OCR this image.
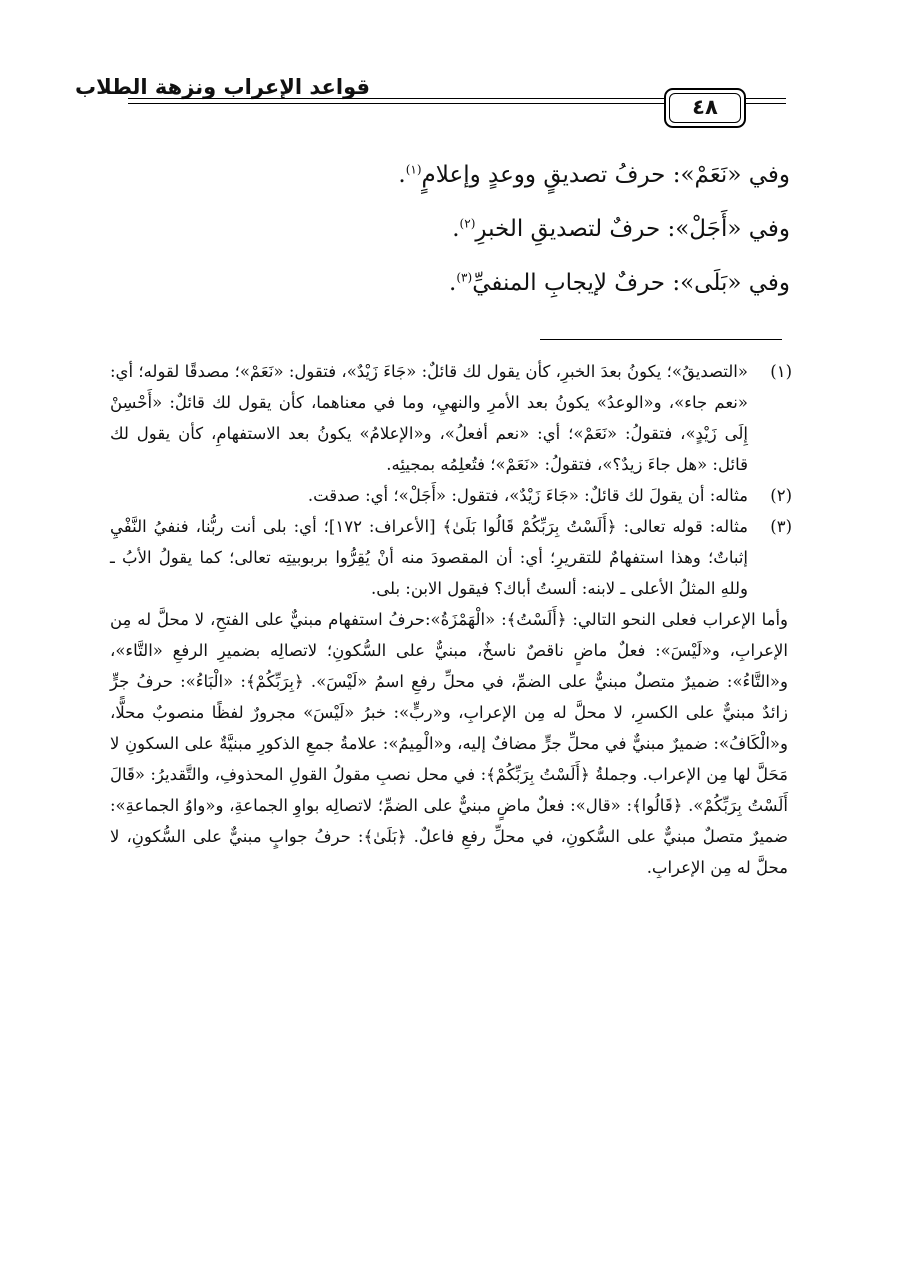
قواعد الإعراب ونزهة الطلاب
٤٨
وفي «نَعَمْ»: حرفُ تصديقٍ ووعدٍ وإعلامٍ$^{(١)}$.
وفي «أَجَلْ»: حرفٌ لتصديقِ الخبرِ$^{(٢)}$.
وفي «بَلَى»: حرفٌ لإيجابِ المنفيِّ$^{(٣)}$.
(١)
«التصديقُ»؛ يكونُ بعدَ الخبرِ، كأن يقول لك قائلٌ: «جَاءَ زَيْدٌ»، فتقول: «نَعَمْ»؛ مصدقًا لقوله؛ أي: «نعم جاء»، و«الوعدُ» يكونُ بعد الأمرِ والنهيِ، وما في معناهما، كأن يقول لك قائلٌ: «أَحْسِنْ إِلَى زَيْدٍ»، فتقولُ: «نَعَمْ»؛ أي: «نعم أفعلُ»، و«الإعلامُ» يكونُ بعد الاستفهامِ، كأن يقول لك قائل: «هل جاءَ زيدٌ؟»، فتقولُ: «نَعَمْ»؛ فتُعلِمُه بمجيئِه.
(٢)
مثاله: أن يقولَ لك قائلٌ: «جَاءَ زَيْدٌ»، فتقول: «أَجَلْ»؛ أي: صدقت.
(٣)
مثاله: قوله تعالى: ﴿أَلَسْتُ بِرَبِّكُمْ قَالُوا بَلَىٰ﴾ [الأعراف: ١٧٢]؛ أي: بلى أنت ربُّنا، فنفيُ النَّفْيِ إثباتٌ؛ وهذا استفهامٌ للتقريرِ؛ أي: أن المقصودَ منه أنْ يُقِرُّوا بربوبيتِه تعالى؛ كما يقولُ الأبُ ـ وللهِ المثلُ الأعلى ـ لابنه: ألستُ أباك؟ فيقول الابن: بلى.
وأما الإعراب فعلى النحو التالي: ﴿أَلَسْتُ﴾: «الْهَمْزَةُ»:حرفُ استفهام مبنيٌّ على الفتحِ، لا محلَّ له مِن الإعرابِ، و«لَيْسَ»: فعلٌ ماضٍ ناقصٌ ناسخٌ، مبنيٌّ على السُّكونِ؛ لاتصالِه بضميرِ الرفعِ «التَّاء»، و«التَّاءُ»: ضميرٌ متصلٌ مبنيٌّ على الضمِّ، في محلِّ رفعِ اسمُ «لَيْسَ». ﴿بِرَبِّكُمْ﴾: «الْبَاءُ»: حرفُ جرٍّ زائدٌ مبنيٌّ على الكسرِ، لا محلَّ له مِن الإعرابِ، و«ربٍّ»: خبرُ «لَيْسَ» مجرورٌ لفظًا منصوبٌ محلًّا، و«الْكَافُ»: ضميرٌ مبنيٌّ في محلِّ جرٍّ مضافٌ إليه، و«الْمِيمُ»: علامةُ جمعِ الذكورِ مبنيَّةٌ على السكونِ لا مَحَلَّ لها مِن الإعراب. وجملةُ ﴿أَلَسْتُ بِرَبِّكُمْ﴾: في محل نصبِ مقولُ القولِ المحذوفِ، والتَّقديرُ: «قَالَ أَلَسْتُ بِرَبِّكُمْ». ﴿قَالُوا﴾: «قال»: فعلٌ ماضٍ مبنيٌّ على الضمِّ؛ لاتصالِه بواوِ الجماعةِ، و«واوُ الجماعةِ»: ضميرٌ متصلٌ مبنيٌّ على السُّكونِ، في محلِّ رفعِ فاعلٌ. ﴿بَلَىٰ﴾: حرفُ جوابٍ مبنيٌّ على السُّكونِ، لا محلَّ له مِن الإعرابِ.
